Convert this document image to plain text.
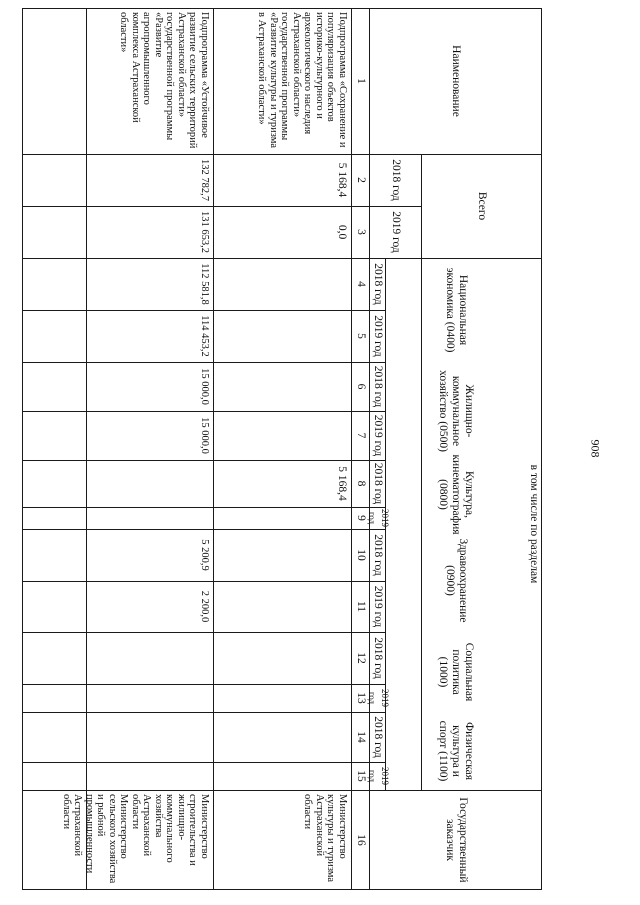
908
Наименование
Всего
в том числе по разделам
Государственный заказчик
Национальная экономика (0400)
Жилищно-коммунальное хозяйство (0500)
Культура, кинематография (0800)
Здравоохранение (0900)
Социальная политика (1000)
Физическая культура и спорт (1100)
2018 год
2019 год
2018 год
2019 год
2018 год
2019 год
2018 год
2019 год
2018 год
2019 год
2018 год
2019 год
2018 год
2019 год
1
2
3
4
5
6
7
8
9
10
11
12
13
14
15
16
Подпрограмма «Сохранение и популяризация объектов историко-культурного и археологического наследия Астраханской области» государственной программы «Развитие культуры и туризма в Астраханской области»
5 168,4
0,0
5 168,4
Министерство культуры и туризма Астраханской области
Подпрограмма «Устойчивое развитие сельских территорий Астраханской области» государственной программы «Развитие агропромышленного комплекса Астраханской области»
132 782,7
131 653,2
112 581,8
114 453,2
15 000,0
15 000,0
5 200,9
2 200,0
Министерство строительства и жилищно-коммунального хозяйства Астраханской области Министерство сельского хозяйства и рыбной промышленности Астраханской области
